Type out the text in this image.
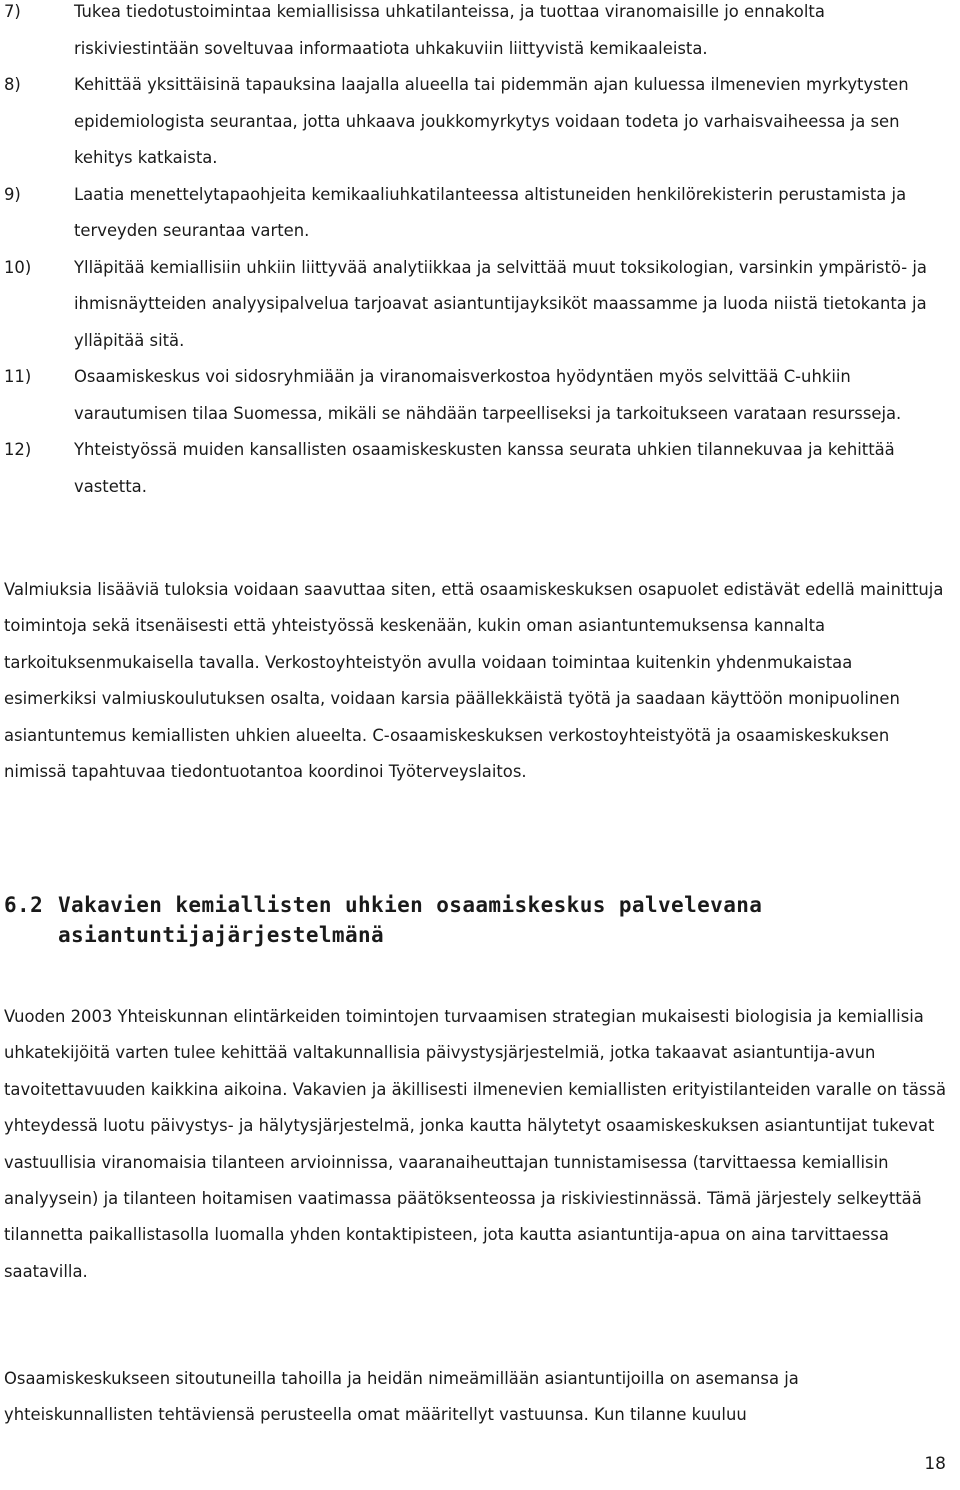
7)	Tukea tiedotustoimintaa kemiallisissa uhkatilanteissa, ja tuottaa viranomaisille jo ennakolta riskiviestintään soveltuvaa informaatiota uhkakuviin liittyvistä kemikaaleista.
8)	Kehittää yksittäisinä tapauksina laajalla alueella tai pidemmän ajan kuluessa ilmenevien myrkytysten epidemiologista seurantaa, jotta uhkaava joukkomyrkytys voidaan todeta jo varhaisvaiheessa ja sen kehitys katkaista.
9)	Laatia menettelytapaohjeita kemikaaliuhkatilanteessa altistuneiden henkilörekisterin perustamista ja terveyden seurantaa varten.
10)	Ylläpitää kemiallisiin uhkiin liittyvää analytiikkaa ja selvittää muut toksikologian, varsinkin ympäristö- ja ihmisnäytteiden analyysipalvelua tarjoavat asiantuntijayksiköt maassamme ja luoda niistä tietokanta ja ylläpitää sitä.
11)	Osaamiskeskus voi sidosryhmiään ja viranomaisverkostoa hyödyntäen myös selvittää C-uhkiin varautumisen tilaa Suomessa, mikäli se nähdään tarpeelliseksi ja tarkoitukseen varataan resursseja.
12)	Yhteistyössä muiden kansallisten osaamiskeskusten kanssa seurata uhkien tilannekuvaa ja kehittää vastetta.

Valmiuksia lisääviä tuloksia voidaan saavuttaa siten, että osaamiskeskuksen osapuolet edistävät edellä mainittuja toimintoja sekä itsenäisesti että yhteistyössä keskenään, kukin oman asiantuntemuksensa kannalta tarkoituksenmukaisella tavalla. Verkostoyhteistyön avulla voidaan toimintaa kuitenkin yhdenmukaistaa esimerkiksi valmiuskoulutuksen osalta, voidaan karsia päällekkäistä työtä ja saadaan käyttöön monipuolinen asiantuntemus kemiallisten uhkien alueelta. C-osaamiskeskuksen verkostoyhteistyötä ja osaamiskeskuksen nimissä tapahtuvaa tiedontuotantoa koordinoi Työterveyslaitos.

6.2 Vakavien kemiallisten uhkien osaamiskeskus palvelevana
asiantuntijajärjestelmänä

Vuoden 2003 Yhteiskunnan elintärkeiden toimintojen turvaamisen strategian mukaisesti biologisia ja kemiallisia uhkatekijöitä varten tulee kehittää valtakunnallisia päivystysjärjestelmiä, jotka takaavat asiantuntija-avun tavoitettavuuden kaikkina aikoina. Vakavien ja äkillisesti ilmenevien kemiallisten erityistilanteiden varalle on tässä yhteydessä luotu päivystys- ja hälytysjärjestelmä, jonka kautta hälytetyt osaamiskeskuksen asiantuntijat tukevat vastuullisia viranomaisia tilanteen arvioinnissa, vaaranaiheuttajan tunnistamisessa (tarvittaessa kemiallisin analyysein) ja tilanteen hoitamisen vaatimassa päätöksenteossa ja riskiviestinnässä. Tämä järjestely selkeyttää tilannetta paikallistasolla luomalla yhden kontaktipisteen, jota kautta asiantuntija-apua on aina tarvittaessa saatavilla.

Osaamiskeskukseen sitoutuneilla tahoilla ja heidän nimeämillään asiantuntijoilla on asemansa ja yhteiskunnallisten tehtäviensä perusteella omat määritellyt vastuunsa. Kun tilanne kuuluu

18
